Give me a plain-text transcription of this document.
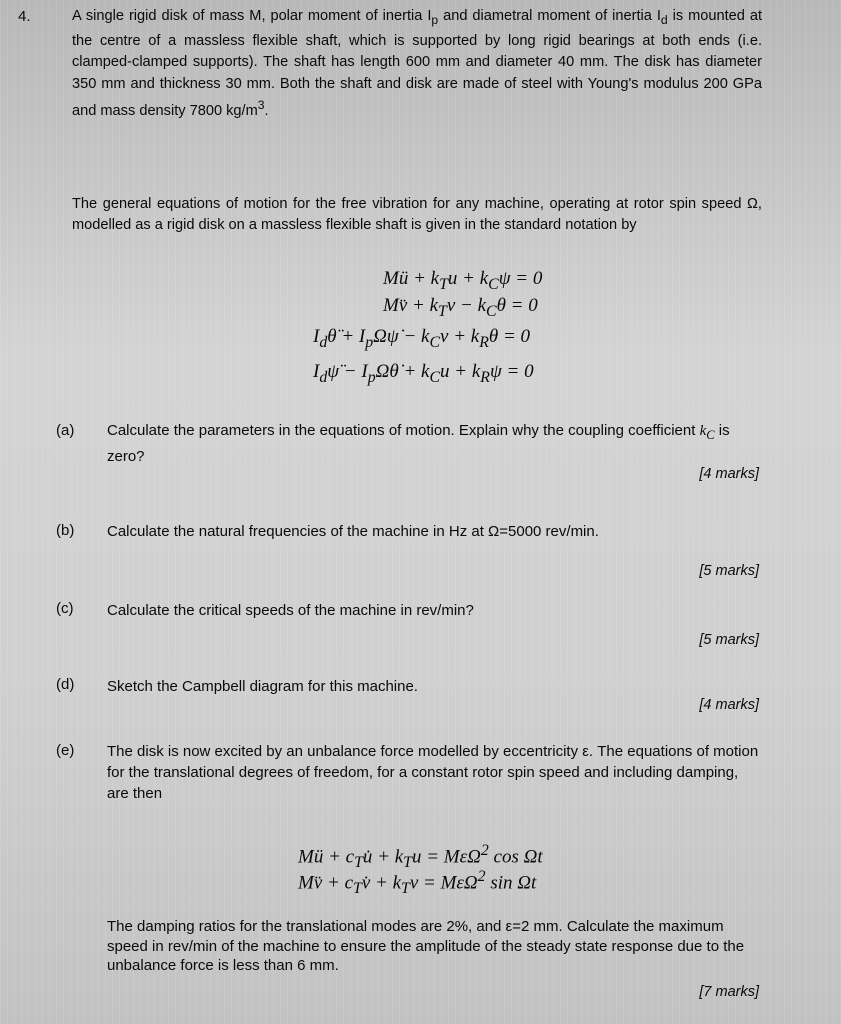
4.	A single rigid disk of mass M, polar moment of inertia $I_p$ and diametral moment of inertia $I_d$ is mounted at the centre of a massless flexible shaft, which is supported by long rigid bearings at both ends (i.e. clamped-clamped supports). The shaft has length 600 mm and diameter 40 mm. The disk has diameter 350 mm and thickness 30 mm. Both the shaft and disk are made of steel with Young's modulus 200 GPa and mass density 7800 $kg/m^3$.
The general equations of motion for the free vibration for any machine, operating at rotor spin speed Ω, modelled as a rigid disk on a massless flexible shaft is given in the standard notation by
Mü + $k_Tu + k_C\psi = 0$
Mv̈ + $k_Tv - k_C\theta = 0$
$I_d\thetä$ + $I_p\Omega\psi̇ - k_Cv + k_R\theta = 0$
$I_d\psï$ − $I_p\Omega\thetȧ + k_Cu + k_R\psi = 0$
(a) Calculate the parameters in the equations of motion. Explain why the coupling coefficient $k_C$ is zero?
[4 marks]
(b) Calculate the natural frequencies of the machine in Hz at Ω=5000 rev/min.
[5 marks]
(c) Calculate the critical speeds of the machine in rev/min?
[5 marks]
(d) Sketch the Campbell diagram for this machine.
[4 marks]
(e) The disk is now excited by an unbalance force modelled by eccentricity ε. The equations of motion for the translational degrees of freedom, for a constant rotor spin speed and including damping, are then
Mü + $c_Tu̇ + k_Tu = M\varepsilon\Omega^2$ cos Ωt
Mv̈ + $c_Tv̇ + k_Tv = M\varepsilon\Omega^2$ sin Ωt
The damping ratios for the translational modes are 2%, and ε=2 mm. Calculate the maximum speed in rev/min of the machine to ensure the amplitude of the steady state response due to the unbalance force is less than 6 mm.
[7 marks]
